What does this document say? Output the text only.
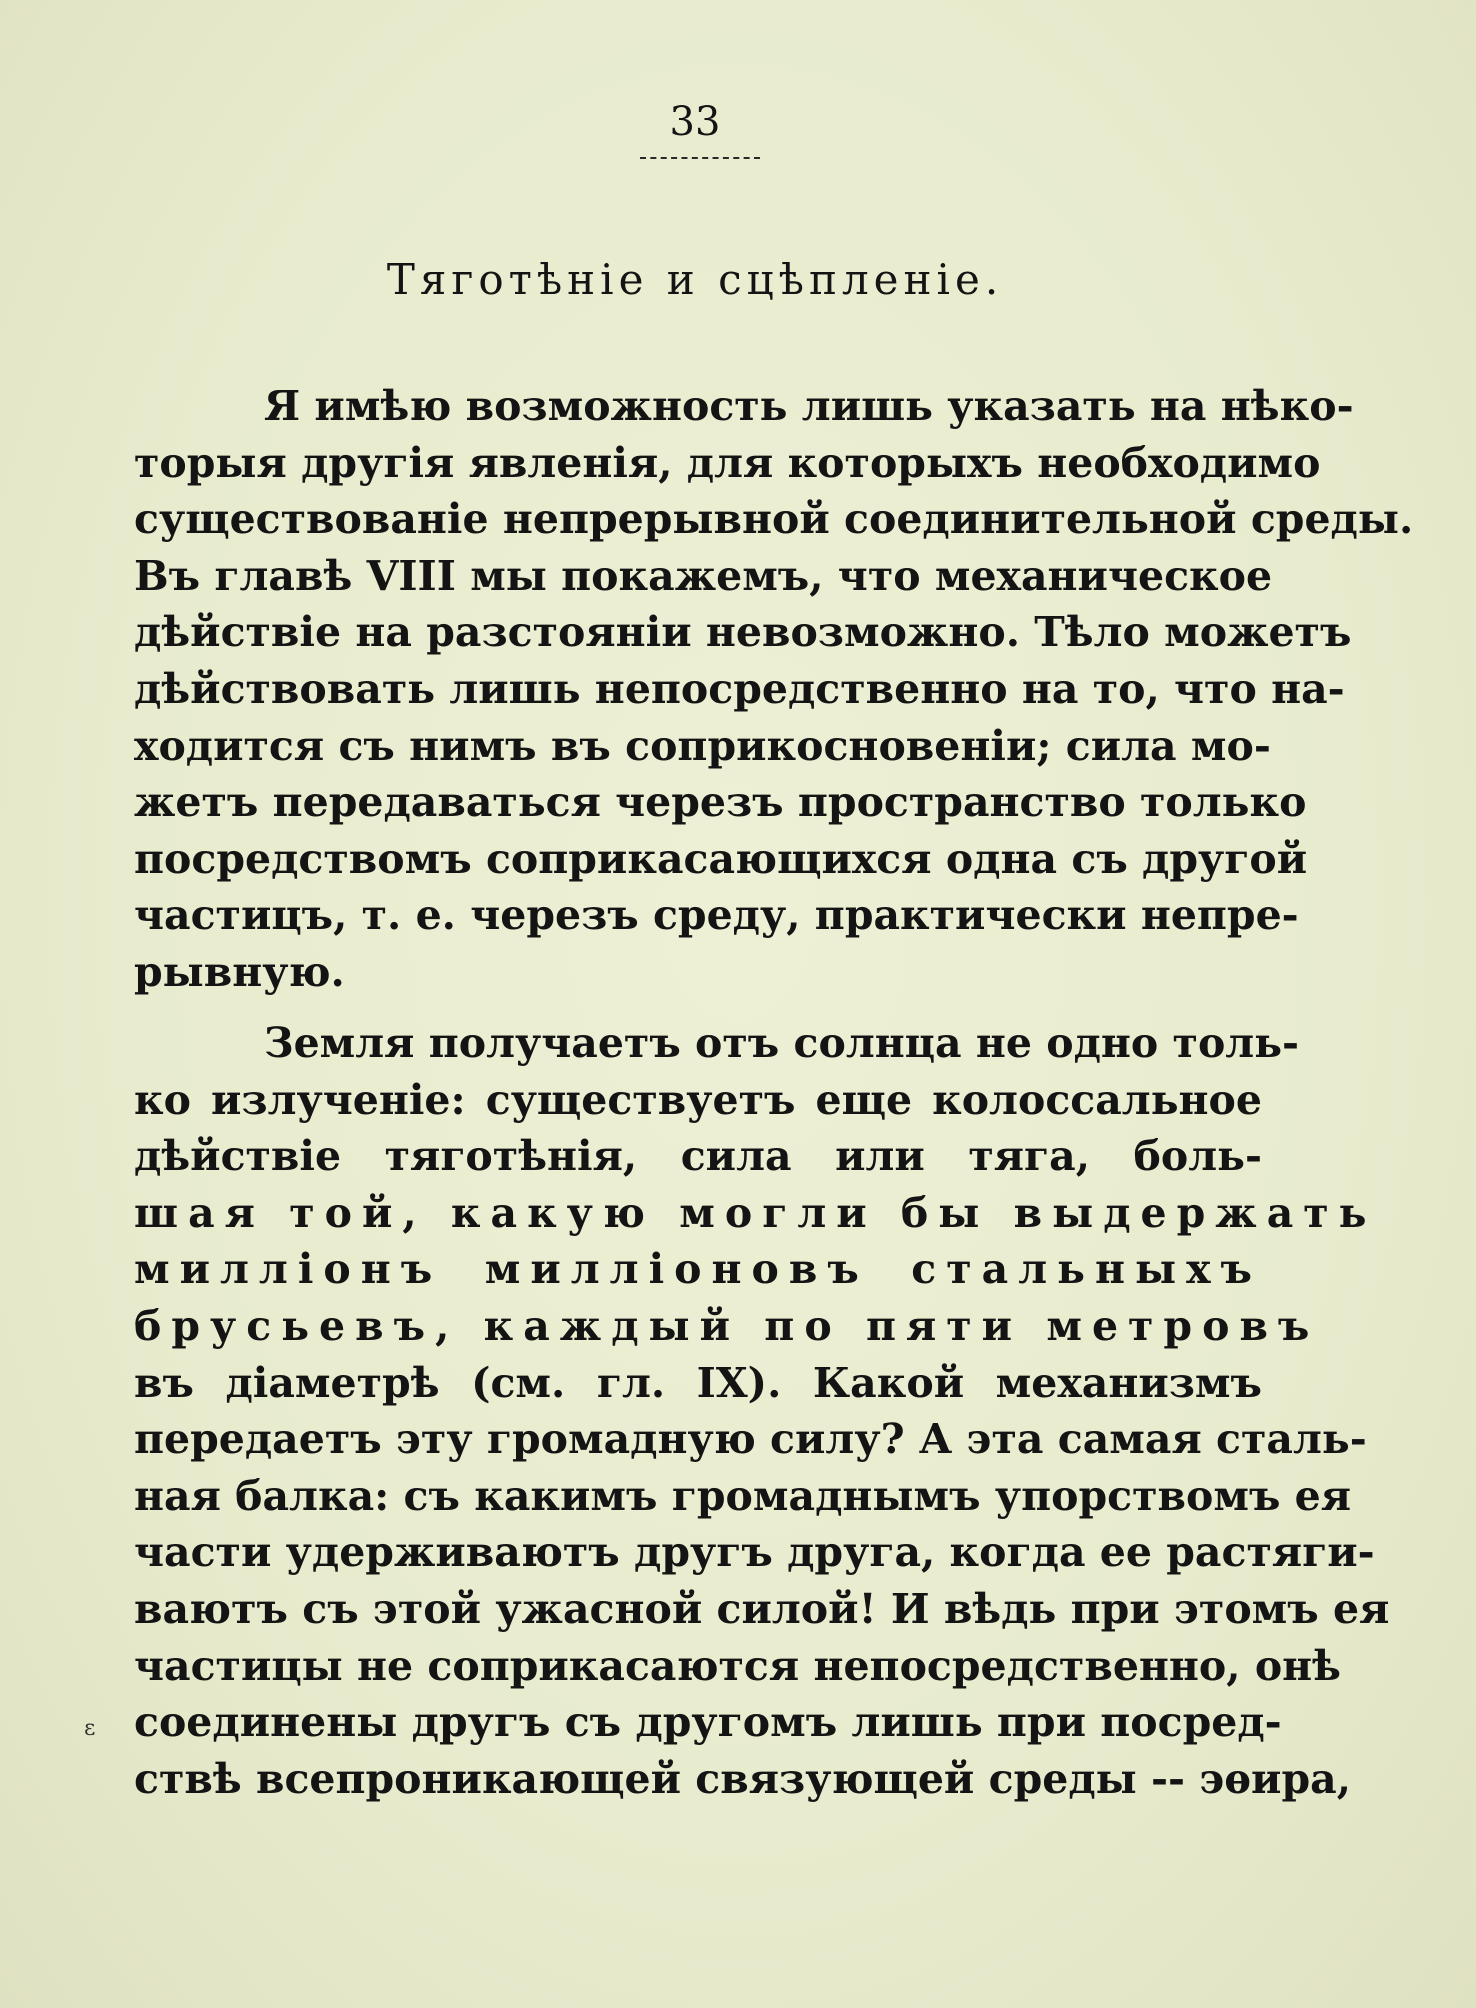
33
Тяготѣніе и сцѣпленіе.
Я имѣю возможность лишь указать на нѣко-
торыя другія явленія, для которыхъ необходимо
существованіе непрерывной соединительной среды.
Въ главѣ VIII мы покажемъ, что механическое
дѣйствіе на разстояніи невозможно. Тѣло можетъ
дѣйствовать лишь непосредственно на то, что на-
ходится съ нимъ въ соприкосновеніи; сила мо-
жетъ передаваться черезъ пространство только
посредствомъ соприкасающихся одна съ другой
частицъ, т. е. черезъ среду, практически непре-
рывную.
Земля получаетъ отъ солнца не одно толь-
ко излученіе: существуетъ еще колоссальное
дѣйствіе тяготѣнія, сила или тяга, боль-
шая той, какую могли бы выдержать
милліонъ милліоновъ стальныхъ
брусьевъ, каждый по пяти метровъ
въ діаметрѣ (см. гл. IX). Какой механизмъ
передаетъ эту громадную силу? А эта самая сталь-
ная балка: съ какимъ громаднымъ упорствомъ ея
части удерживаютъ другъ друга, когда ее растяги-
ваютъ съ этой ужасной силой! И вѣдь при этомъ ея
частицы не соприкасаются непосредственно, онѣ
соединены другъ съ другомъ лишь при посред-
ствѣ всепроникающей связующей среды -- эѳира,
ε
